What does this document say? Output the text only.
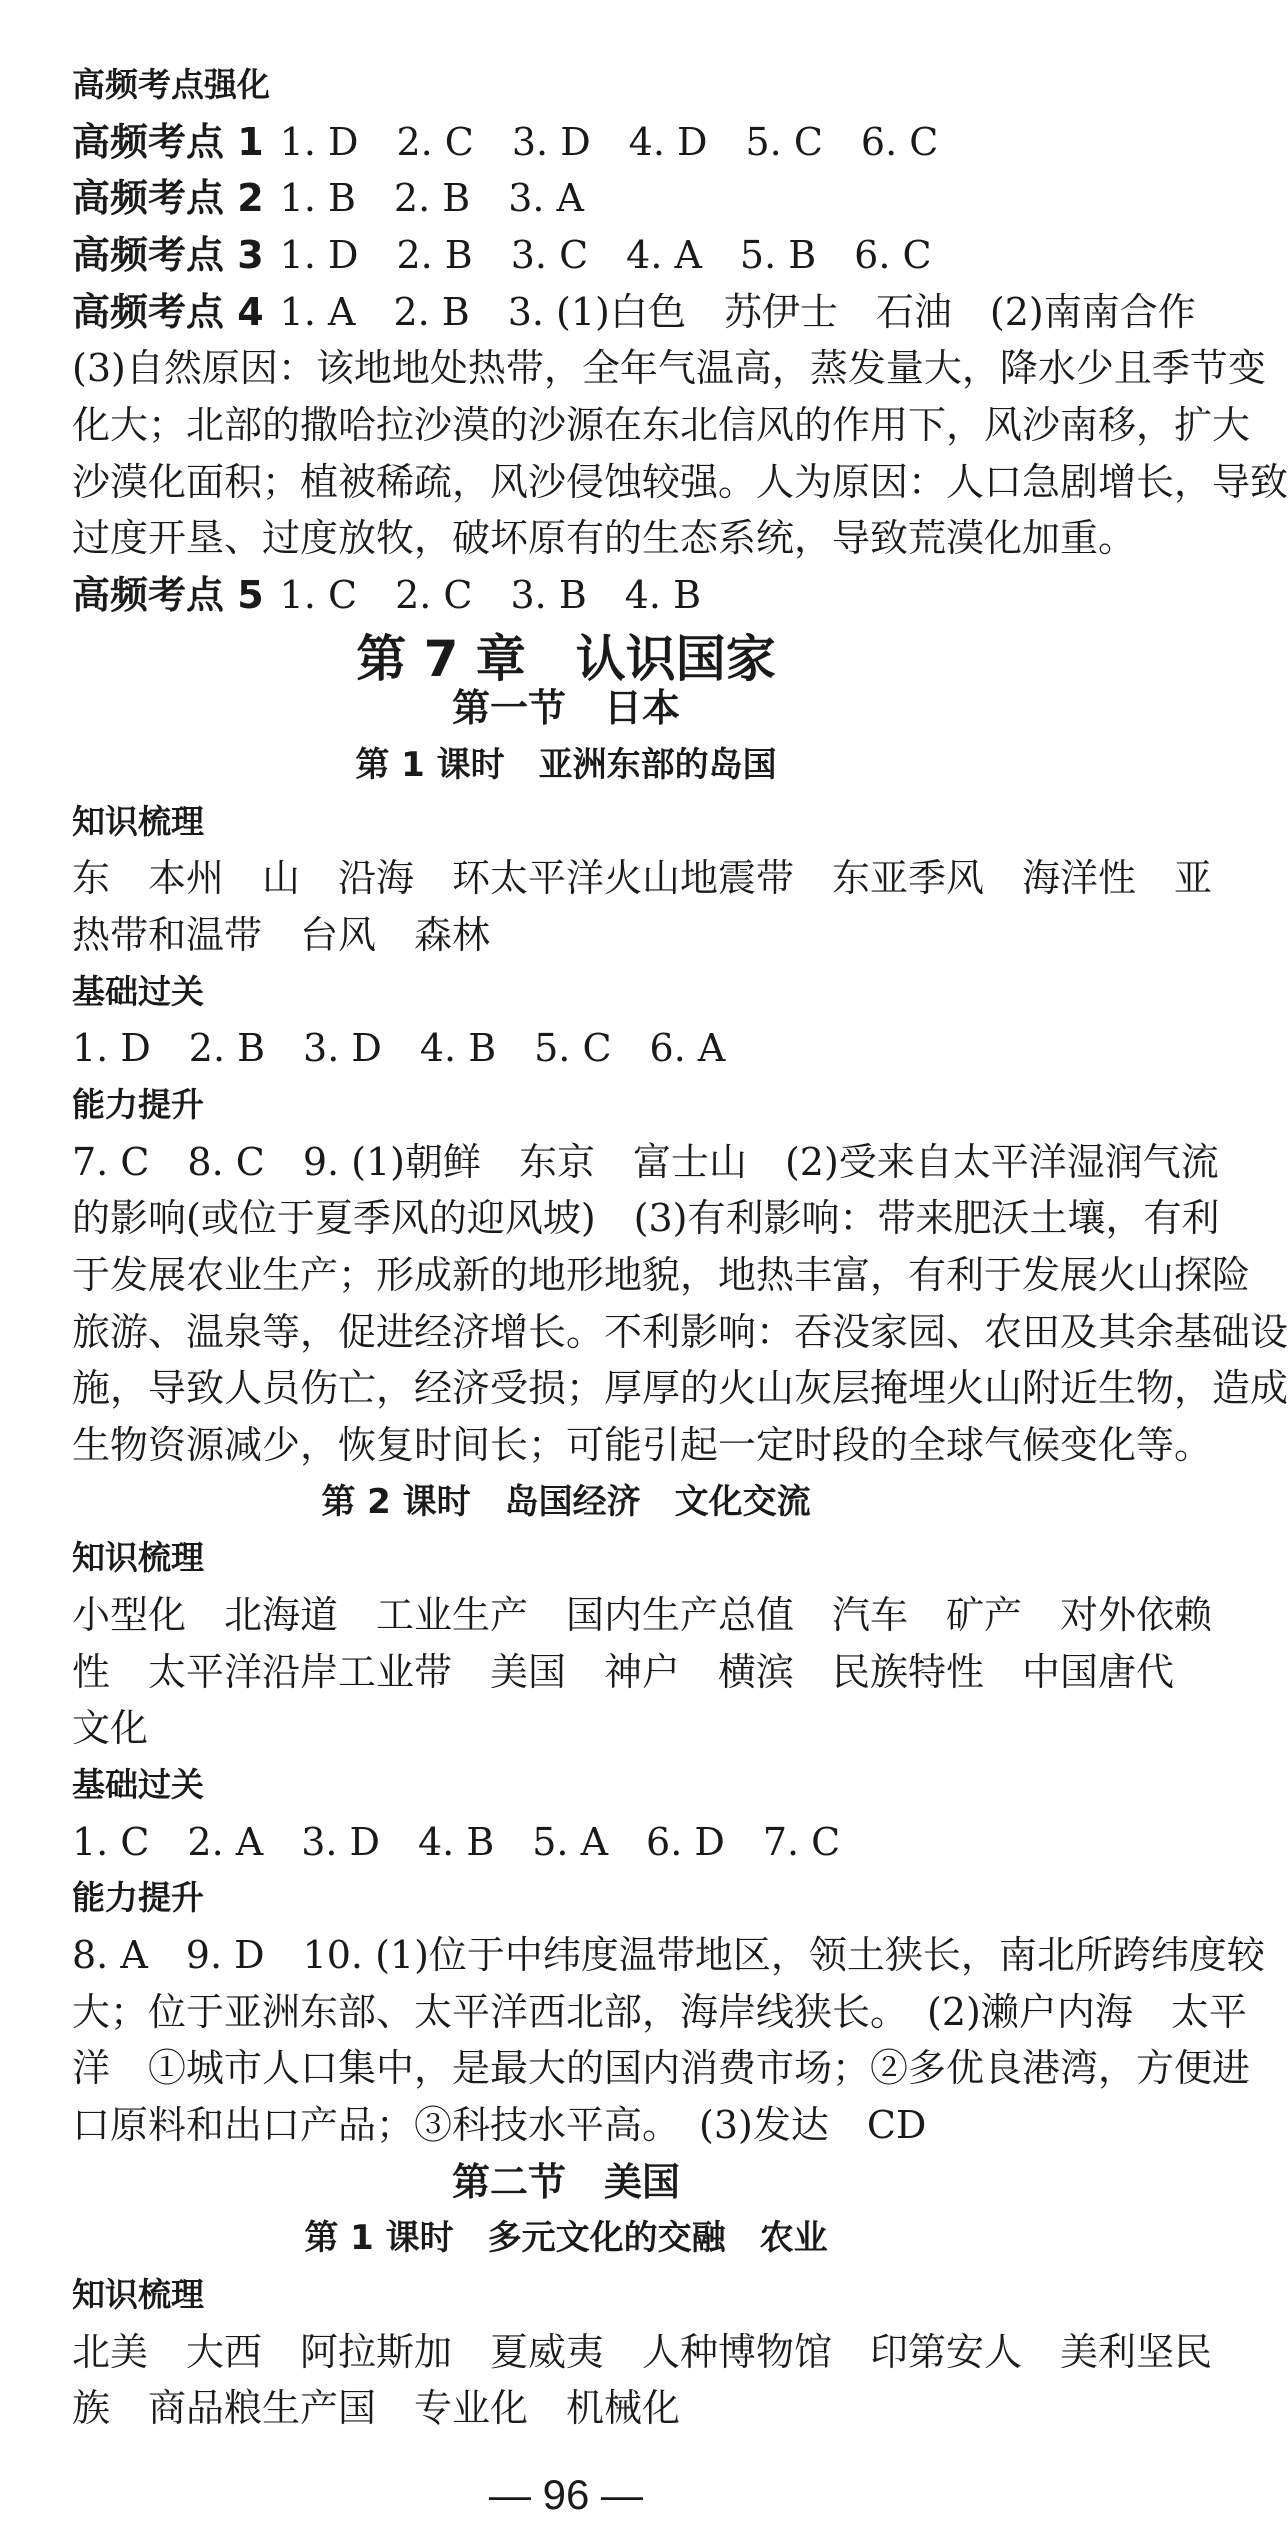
高频考点强化
高频考点 1 1. D　2. C　3. D　4. D　5. C　6. C
高频考点 2 1. B　2. B　3. A
高频考点 3 1. D　2. B　3. C　4. A　5. B　6. C
高频考点 4 1. A　2. B　3. (1)白色　苏伊士　石油　(2)南南合作
(3)自然原因：该地地处热带，全年气温高，蒸发量大，降水少且季节变
化大；北部的撒哈拉沙漠的沙源在东北信风的作用下，风沙南移，扩大
沙漠化面积；植被稀疏，风沙侵蚀较强。人为原因：人口急剧增长，导致
过度开垦、过度放牧，破坏原有的生态系统，导致荒漠化加重。
高频考点 5 1. C　2. C　3. B　4. B
第 7 章　认识国家
第一节　日本
第 1 课时　亚洲东部的岛国
知识梳理
东　本州　山　沿海　环太平洋火山地震带　东亚季风　海洋性　亚
热带和温带　台风　森林
基础过关
1. D　2. B　3. D　4. B　5. C　6. A
能力提升
7. C　8. C　9. (1)朝鲜　东京　富士山　(2)受来自太平洋湿润气流
的影响(或位于夏季风的迎风坡)　(3)有利影响：带来肥沃土壤，有利
于发展农业生产；形成新的地形地貌，地热丰富，有利于发展火山探险
旅游、温泉等，促进经济增长。不利影响：吞没家园、农田及其余基础设
施，导致人员伤亡，经济受损；厚厚的火山灰层掩埋火山附近生物，造成
生物资源减少，恢复时间长；可能引起一定时段的全球气候变化等。
第 2 课时　岛国经济　文化交流
知识梳理
小型化　北海道　工业生产　国内生产总值　汽车　矿产　对外依赖
性　太平洋沿岸工业带　美国　神户　横滨　民族特性　中国唐代
文化
基础过关
1. C　2. A　3. D　4. B　5. A　6. D　7. C
能力提升
8. A　9. D　10. (1)位于中纬度温带地区，领土狭长，南北所跨纬度较
大；位于亚洲东部、太平洋西北部，海岸线狭长。　(2)濑户内海　太平
洋　①城市人口集中，是最大的国内消费市场；②多优良港湾，方便进
口原料和出口产品；③科技水平高。　(3)发达　CD
第二节　美国
第 1 课时　多元文化的交融　农业
知识梳理
北美　大西　阿拉斯加　夏威夷　人种博物馆　印第安人　美利坚民
族　商品粮生产国　专业化　机械化
— 96 —
